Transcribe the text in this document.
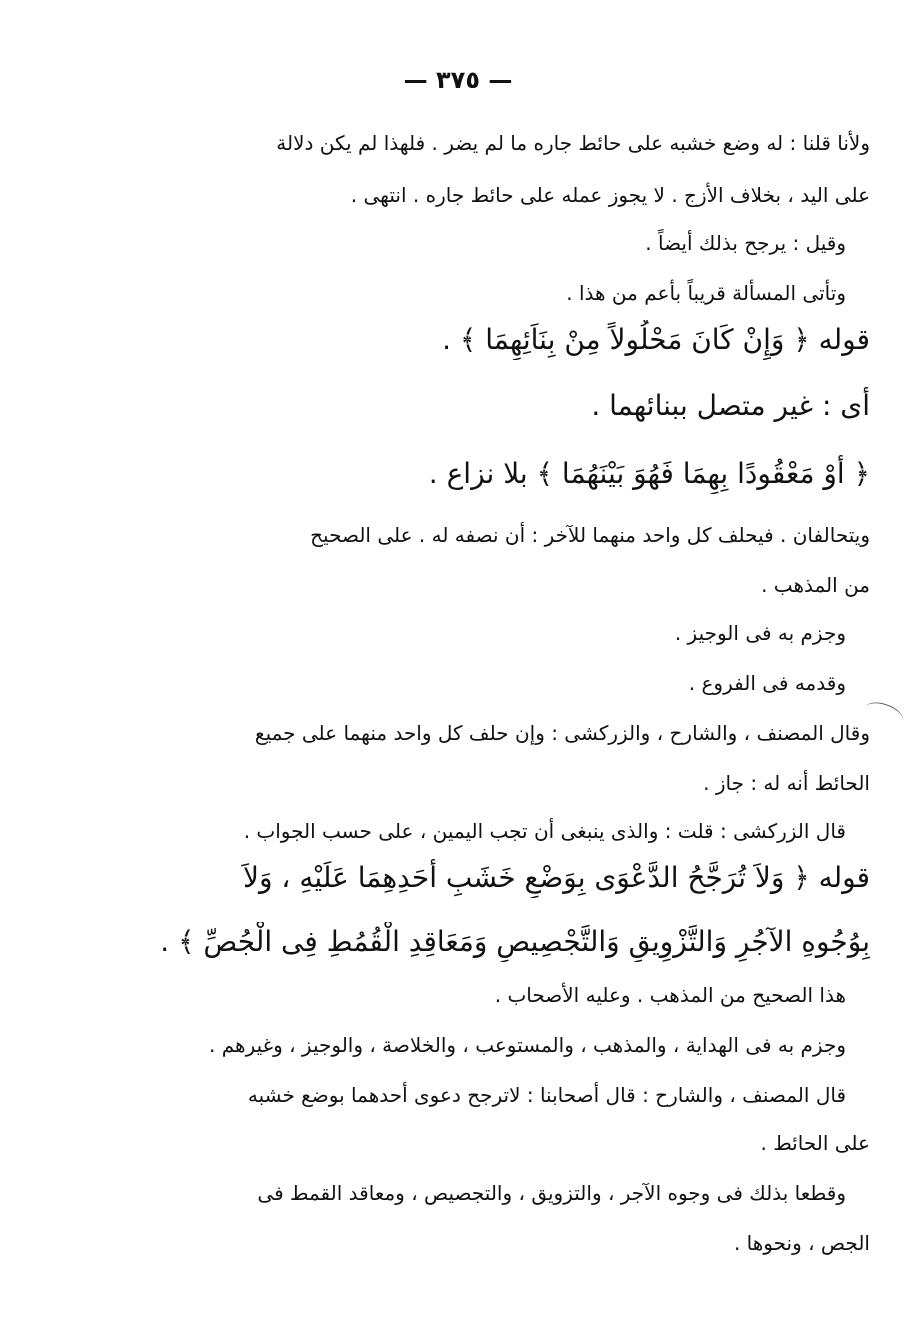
— ٣٧٥ —
ولأنا قلنا : له وضع خشبه على حائط جاره ما لم يضر . فلهذا لم يكن دلالة
على اليد ، بخلاف الأزج . لا يجوز عمله على حائط جاره . انتهى .
وقيل : يرجح بذلك أيضاً .
وتأتى المسألة قريباً بأعم من هذا .
قوله ﴿ وَإِنْ كَانَ مَحْلُولاً مِنْ بِنَاَئِهِمَا ﴾ .
أى : غير متصل ببنائهما .
﴿ أَوْ مَعْقُودًا بِهِمَا فَهُوَ بَيْنَهُمَا ﴾ بلا نزاع .
ويتحالفان . فيحلف كل واحد منهما للآخر : أن نصفه له . على الصحيح
من المذهب .
وجزم به فى الوجيز .
وقدمه فى الفروع .
وقال المصنف ، والشارح ، والزركشى : وإن حلف كل واحد منهما على جميع
الحائط أنه له : جاز .
قال الزركشى : قلت : والذى ينبغى أن تجب اليمين ، على حسب الجواب .
قوله ﴿ وَلاَ تُرَجَّحُ الدَّعْوَى بِوَضْعِ خَشَبِ أَحَدِهِمَا عَلَيْهِ ، وَلاَ
بِوُجُوهِ الآجُرِ وَالتَّزْوِيقِ وَالتَّجْصِيصِ وَمَعَاقِدِ الْقُمُطِ فِى الْجُصِّ ﴾ .
هذا الصحيح من المذهب . وعليه الأصحاب .
وجزم به فى الهداية ، والمذهب ، والمستوعب ، والخلاصة ، والوجيز ، وغيرهم .
قال المصنف ، والشارح : قال أصحابنا : لاترجح دعوى أحدهما بوضع خشبه
على الحائط .
وقطعا بذلك فى وجوه الآجر ، والتزويق ، والتجصيص ، ومعاقد القمط فى
الجص ، ونحوها .
